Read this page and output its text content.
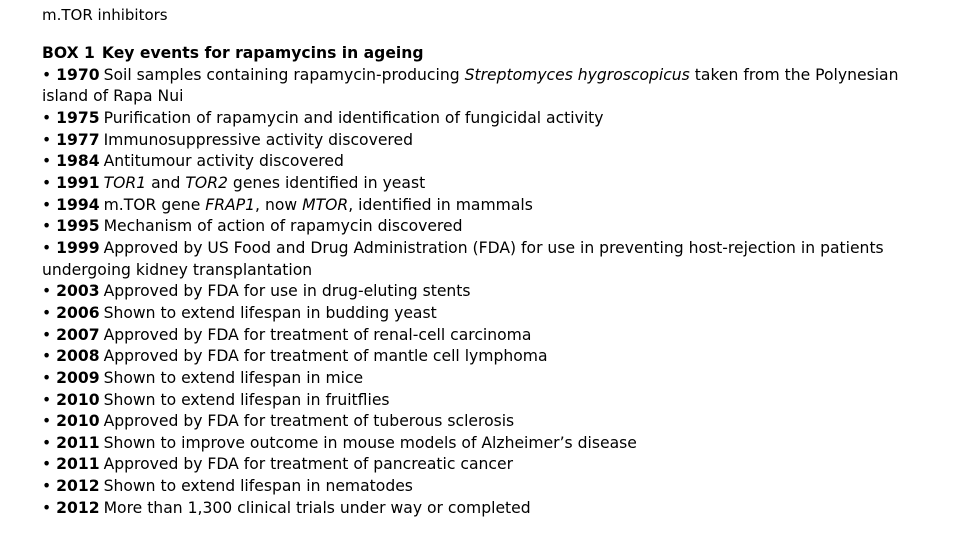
m.TOR inhibitors
BOX 1 Key events for rapamycins in ageing
• 1970 Soil samples containing rapamycin-producing Streptomyces hygroscopicus taken from the Polynesian island of Rapa Nui
• 1975 Purification of rapamycin and identification of fungicidal activity
• 1977 Immunosuppressive activity discovered
• 1984 Antitumour activity discovered
• 1991 TOR1 and TOR2 genes identified in yeast
• 1994 m.TOR gene FRAP1, now MTOR, identified in mammals
• 1995 Mechanism of action of rapamycin discovered
• 1999 Approved by US Food and Drug Administration (FDA) for use in preventing host-rejection in patients undergoing kidney transplantation
• 2003 Approved by FDA for use in drug-eluting stents
• 2006 Shown to extend lifespan in budding yeast
• 2007 Approved by FDA for treatment of renal-cell carcinoma
• 2008 Approved by FDA for treatment of mantle cell lymphoma
• 2009 Shown to extend lifespan in mice
• 2010 Shown to extend lifespan in fruitflies
• 2010 Approved by FDA for treatment of tuberous sclerosis
• 2011 Shown to improve outcome in mouse models of Alzheimer’s disease
• 2011 Approved by FDA for treatment of pancreatic cancer
• 2012 Shown to extend lifespan in nematodes
• 2012 More than 1,300 clinical trials under way or completed
